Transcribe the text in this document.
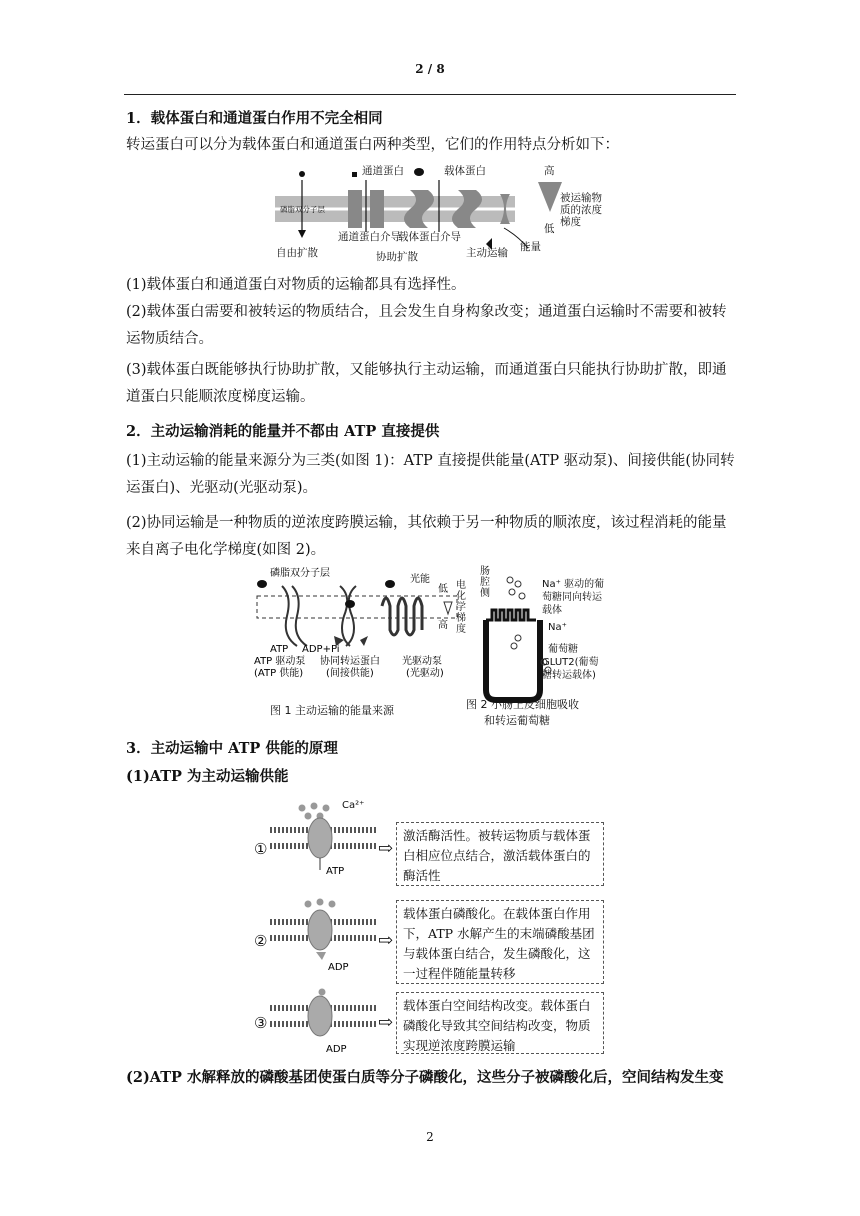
2 / 8
1．载体蛋白和通道蛋白作用不完全相同
转运蛋白可以分为载体蛋白和通道蛋白两种类型，它们的作用特点分析如下：
磷脂双分子层
通道蛋白	载体蛋白	高
低
自由扩散
通道蛋白介导
载体蛋白介导
协助扩散	主动运输 能量
被运输物质的浓度梯度
(1)载体蛋白和通道蛋白对物质的运输都具有选择性。
(2)载体蛋白需要和被转运的物质结合，且会发生自身构象改变；通道蛋白运输时不需要和被转运物质结合。
(3)载体蛋白既能够执行协助扩散，又能够执行主动运输，而通道蛋白只能执行协助扩散，即通道蛋白只能顺浓度梯度运输。
2．主动运输消耗的能量并不都由 ATP 直接提供
(1)主动运输的能量来源分为三类(如图 1)：ATP 直接提供能量(ATP 驱动泵)、间接供能(协同转运蛋白)、光驱动(光驱动泵)。
(2)协同运输是一种物质的逆浓度跨膜运输，其依赖于另一种物质的顺浓度，该过程消耗的能量来自离子电化学梯度(如图 2)。
磷脂双分子层
光能
低
高
ATP ADP+Pi
ATP 驱动泵
(ATP 供能)
协同转运蛋白
(间接供能)
光驱动泵
(光驱动)
电化学梯度
图 1 主动运输的能量来源
肠腔侧
Na⁺ 驱动的葡萄糖同向转运载体
Na⁺
葡萄糖
GLUT2(葡萄糖转运载体)
图 2 小肠上皮细胞吸收
和转运葡萄糖
3．主动运输中 ATP 供能的原理
(1)ATP 为主动运输供能
Ca²⁺
①
ATP
⇨
激活酶活性。被转运物质与载体蛋白相应位点结合，激活载体蛋白的酶活性
②
ADP
⇨
载体蛋白磷酸化。在载体蛋白作用下，ATP 水解产生的末端磷酸基团与载体蛋白结合，发生磷酸化，这一过程伴随能量转移
③
ADP
⇨
载体蛋白空间结构改变。载体蛋白磷酸化导致其空间结构改变，物质实现逆浓度跨膜运输
(2)ATP 水解释放的磷酸基团使蛋白质等分子磷酸化，这些分子被磷酸化后，空间结构发生变
2
